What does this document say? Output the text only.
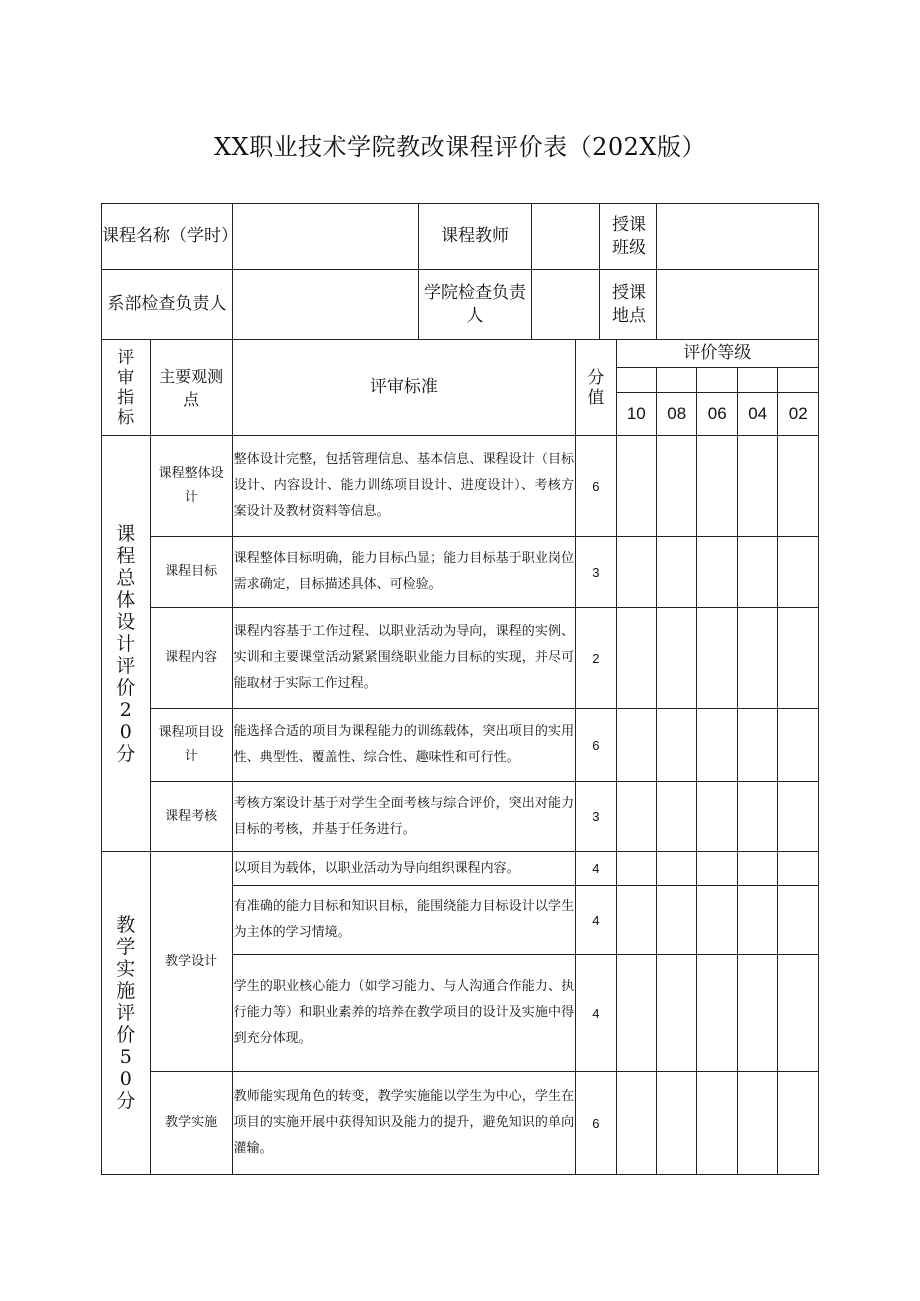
XX职业技术学院教改课程评价表（202X版）
课程名称（学时）			课程教师			授课班级					
系部检查负责人			学院检查负责人			授课地点					

评审指标	主要观测点	评审标准			分值		评价等级				

							10	08	06	04	02

课程总体设计评价20分	课程整体设计	整体设计完整，包括管理信息、基本信息、课程设计（目标设计、内容设计、能力训练项目设计、进度设计）、考核方案设计及教材资料等信息。			6						
	课程目标	课程整体目标明确，能力目标凸显；能力目标基于职业岗位需求确定，目标描述具体、可检验。			3						
	课程内容	课程内容基于工作过程、以职业活动为导向，课程的实例、实训和主要课堂活动紧紧围绕职业能力目标的实现，并尽可能取材于实际工作过程。			2						
	课程项目设计	能选择合适的项目为课程能力的训练载体，突出项目的实用性、典型性、覆盖性、综合性、趣味性和可行性。			6						
	课程考核	考核方案设计基于对学生全面考核与综合评价，突出对能力目标的考核，并基于任务进行。			3						

教学实施评价50分	教学设计	以项目为载体，以职业活动为导向组织课程内容。			4						
		有准确的能力目标和知识目标，能围绕能力目标设计以学生为主体的学习情境。			4						
		学生的职业核心能力（如学习能力、与人沟通合作能力、执行能力等）和职业素养的培养在教学项目的设计及实施中得到充分体现。			4						
	教学实施	教师能实现角色的转变，教学实施能以学生为中心，学生在项目的实施开展中获得知识及能力的提升，避免知识的单向灌输。			6						
